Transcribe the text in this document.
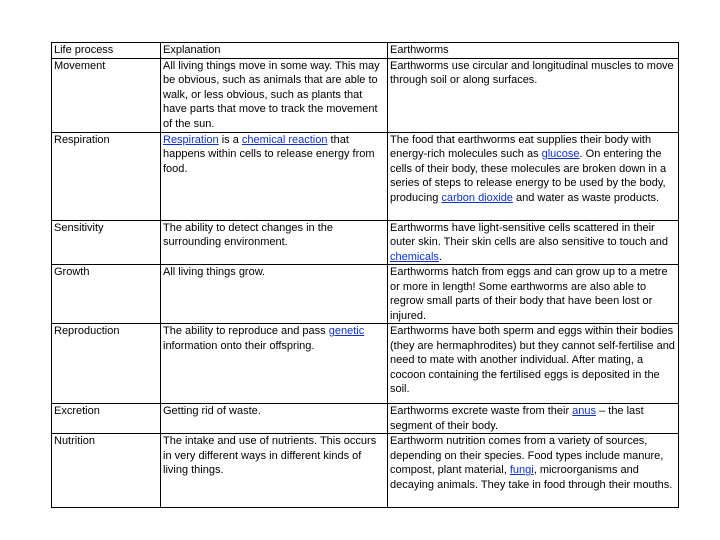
Life process	Explanation	Earthworms
Movement	All living things move in some way. This may be obvious, such as animals that are able to walk, or less obvious, such as plants that have parts that move to track the movement of the sun.	Earthworms use circular and longitudinal muscles to move through soil or along surfaces.
Respiration	Respiration is a chemical reaction that happens within cells to release energy from food.	The food that earthworms eat supplies their body with energy-rich molecules such as glucose. On entering the cells of their body, these molecules are broken down in a series of steps to release energy to be used by the body, producing carbon dioxide and water as waste products.
Sensitivity	The ability to detect changes in the surrounding environment.	Earthworms have light-sensitive cells scattered in their outer skin. Their skin cells are also sensitive to touch and chemicals.
Growth	All living things grow.	Earthworms hatch from eggs and can grow up to a metre or more in length! Some earthworms are also able to regrow small parts of their body that have been lost or injured.
Reproduction	The ability to reproduce and pass genetic information onto their offspring.	Earthworms have both sperm and eggs within their bodies (they are hermaphrodites) but they cannot self-fertilise and need to mate with another individual. After mating, a cocoon containing the fertilised eggs is deposited in the soil.
Excretion	Getting rid of waste.	Earthworms excrete waste from their anus – the last segment of their body.
Nutrition	The intake and use of nutrients. This occurs in very different ways in different kinds of living things.	Earthworm nutrition comes from a variety of sources, depending on their species. Food types include manure, compost, plant material, fungi, microorganisms and decaying animals. They take in food through their mouths.
